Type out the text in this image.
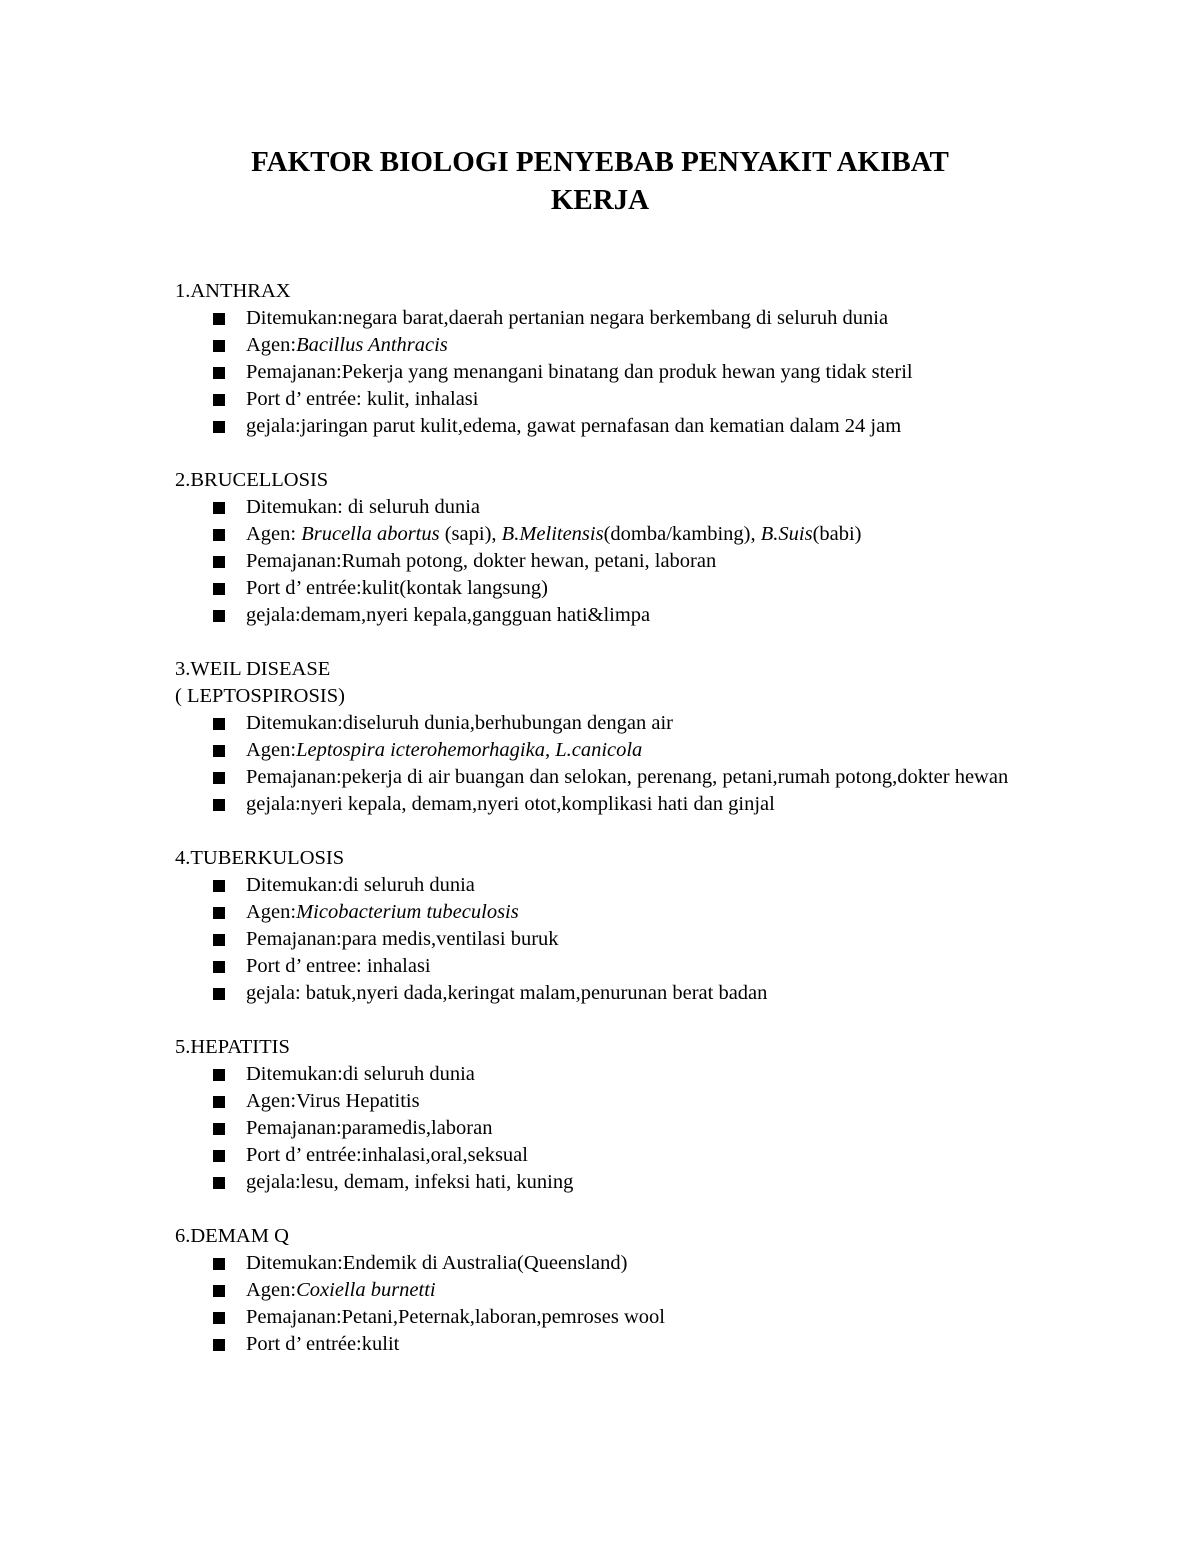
FAKTOR BIOLOGI PENYEBAB PENYAKIT AKIBAT
KERJA

1.ANTHRAX

Ditemukan:negara barat,daerah pertanian negara berkembang di seluruh dunia
Agen:Bacillus Anthracis
Pemajanan:Pekerja yang menangani binatang dan produk hewan yang tidak steril
Port d’ entrée: kulit, inhalasi
gejala:jaringan parut kulit,edema, gawat pernafasan dan kematian dalam 24 jam

2.BRUCELLOSIS

Ditemukan: di seluruh dunia
Agen: Brucella abortus (sapi), B.Melitensis(domba/kambing), B.Suis(babi)
Pemajanan:Rumah potong, dokter hewan, petani, laboran
Port d’ entrée:kulit(kontak langsung)
gejala:demam,nyeri kepala,gangguan hati&limpa

3.WEIL DISEASE

( LEPTOSPIROSIS)

Ditemukan:diseluruh dunia,berhubungan dengan air
Agen:Leptospira icterohemorhagika, L.canicola
Pemajanan:pekerja di air buangan dan selokan, perenang, petani,rumah potong,dokter hewan
gejala:nyeri kepala, demam,nyeri otot,komplikasi hati dan ginjal

4.TUBERKULOSIS

Ditemukan:di seluruh dunia
Agen:Micobacterium tubeculosis
Pemajanan:para medis,ventilasi buruk
Port d’ entree: inhalasi
gejala: batuk,nyeri dada,keringat malam,penurunan berat badan

5.HEPATITIS

Ditemukan:di seluruh dunia
Agen:Virus Hepatitis
Pemajanan:paramedis,laboran
Port d’ entrée:inhalasi,oral,seksual
gejala:lesu, demam, infeksi hati, kuning

6.DEMAM Q

Ditemukan:Endemik di Australia(Queensland)
Agen:Coxiella burnetti
Pemajanan:Petani,Peternak,laboran,pemroses wool
Port d’ entrée:kulit
